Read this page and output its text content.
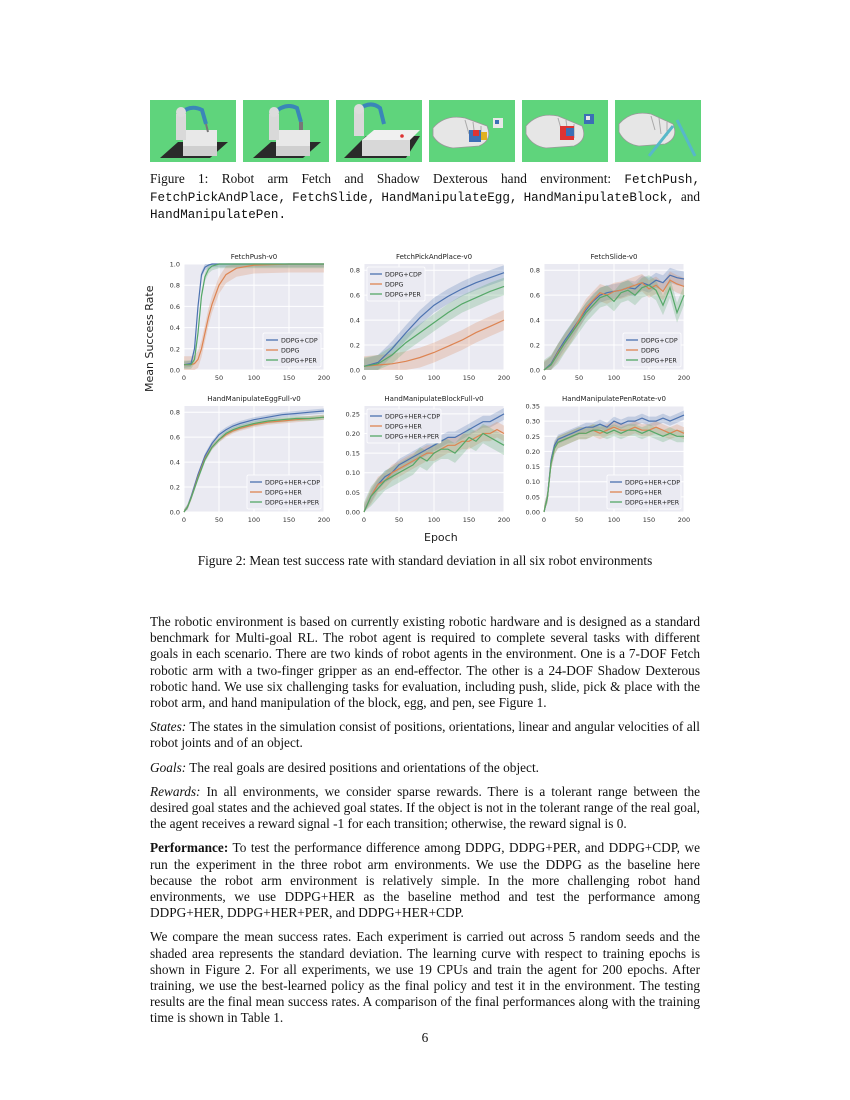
Figure 1: Robot arm Fetch and Shadow Dexterous hand environment: FetchPush, FetchPickAndPlace, FetchSlide, HandManipulateEgg, HandManipulateBlock, and HandManipulatePen.
0.0
0.2
0.4
0.6
0.8
1.0
0	50	100	150	200
FetchPush-v0
DDPG+CDP
DDPG
DDPG+PER
0.0
0.2
0.4
0.6
0.8
0	50	100	150	200
FetchPickAndPlace-v0
DDPG+CDP
DDPG
DDPG+PER
0.0
0.2
0.4
0.6
0.8
0	50	100	150	200
FetchSlide-v0
DDPG+CDP
DDPG
DDPG+PER
0.0
0.2
0.4
0.6
0.8
0	50	100	150	200
HandManipulateEggFull-v0
DDPG+HER+CDP
DDPG+HER
DDPG+HER+PER
0.00
0.05
0.10
0.15
0.20
0.25
0	50	100	150	200
HandManipulateBlockFull-v0
DDPG+HER+CDP
DDPG+HER
DDPG+HER+PER
0.00
0.05
0.10
0.15
0.20
0.25
0.30
0.35
0	50	100	150	200
HandManipulatePenRotate-v0
DDPG+HER+CDP
DDPG+HER
DDPG+HER+PER
Mean Success Rate
Epoch
Figure 2: Mean test success rate with standard deviation in all six robot environments

The robotic environment is based on currently existing robotic hardware and is designed as a standard benchmark for Multi-goal RL. The robot agent is required to complete several tasks with different goals in each scenario. There are two kinds of robot agents in the environment. One is a 7-DOF Fetch robotic arm with a two-finger gripper as an end-effector. The other is a 24-DOF Shadow Dexterous robotic hand. We use six challenging tasks for evaluation, including push, slide, pick & place with the robot arm, and hand manipulation of the block, egg, and pen, see Figure 1.

States: The states in the simulation consist of positions, orientations, linear and angular velocities of all robot joints and of an object.

Goals: The real goals are desired positions and orientations of the object.

Rewards: In all environments, we consider sparse rewards. There is a tolerant range between the desired goal states and the achieved goal states. If the object is not in the tolerant range of the real goal, the agent receives a reward signal -1 for each transition; otherwise, the reward signal is 0.

Performance: To test the performance difference among DDPG, DDPG+PER, and DDPG+CDP, we run the experiment in the three robot arm environments. We use the DDPG as the baseline here because the robot arm environment is relatively simple. In the more challenging robot hand environments, we use DDPG+HER as the baseline method and test the performance among DDPG+HER, DDPG+HER+PER, and DDPG+HER+CDP.

We compare the mean success rates. Each experiment is carried out across 5 random seeds and the shaded area represents the standard deviation. The learning curve with respect to training epochs is shown in Figure 2. For all experiments, we use 19 CPUs and train the agent for 200 epochs. After training, we use the best-learned policy as the final policy and test it in the environment. The testing results are the final mean success rates. A comparison of the final performances along with the training time is shown in Table 1.

6
